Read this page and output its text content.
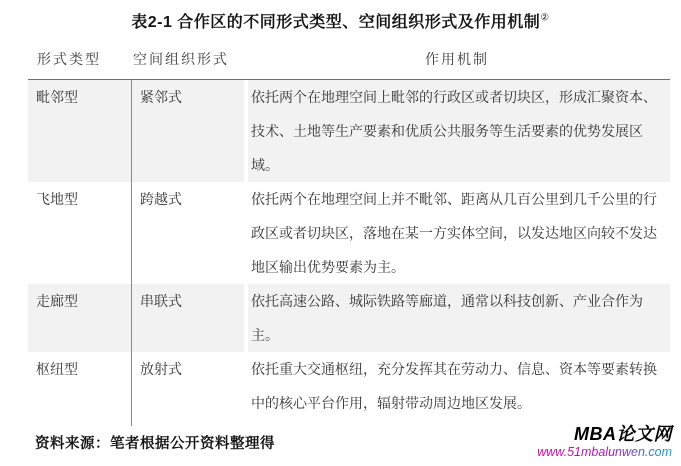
表2-1 合作区的不同形式类型、空间组织形式及作用机制②
形式类型	空间组织形式	作用机制
毗邻型	紧邻式	依托两个在地理空间上毗邻的行政区或者切块区，形成汇聚资本、技术、土地等生产要素和优质公共服务等生活要素的优势发展区域。
飞地型	跨越式	依托两个在地理空间上并不毗邻、距离从几百公里到几千公里的行政区或者切块区，落地在某一方实体空间，以发达地区向较不发达地区输出优势要素为主。
走廊型	串联式	依托高速公路、城际铁路等廊道，通常以科技创新、产业合作为主。
枢纽型	放射式	依托重大交通枢纽，充分发挥其在劳动力、信息、资本等要素转换中的核心平台作用，辐射带动周边地区发展。
资料来源：笔者根据公开资料整理得	MBA论文网
www.51mbalunwen.com
